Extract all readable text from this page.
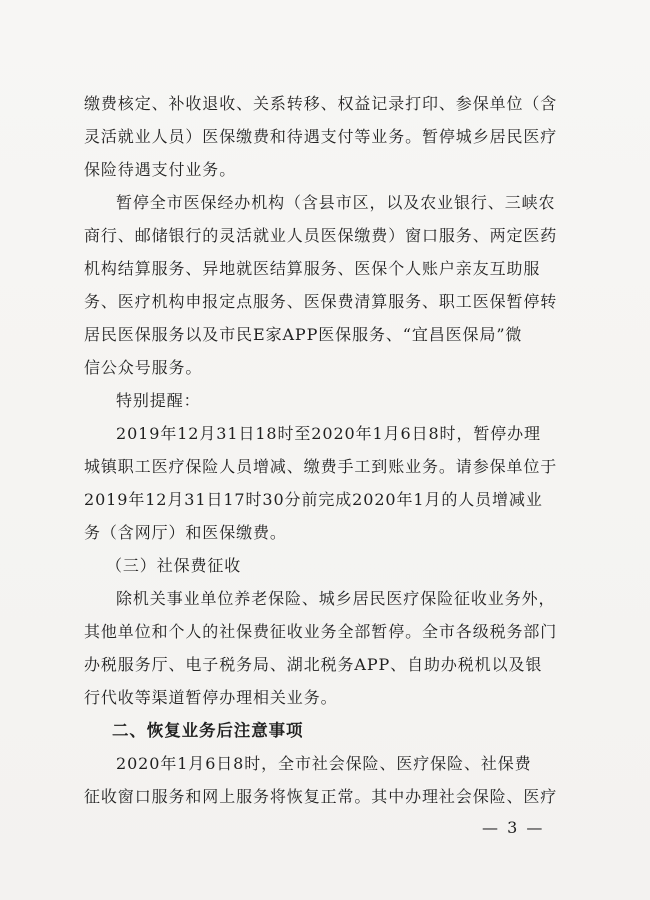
缴费核定、补收退收、关系转移、权益记录打印、参保单位（含
灵活就业人员）医保缴费和待遇支付等业务。暂停城乡居民医疗
保险待遇支付业务。
暂停全市医保经办机构（含县市区，以及农业银行、三峡农
商行、邮储银行的灵活就业人员医保缴费）窗口服务、两定医药
机构结算服务、异地就医结算服务、医保个人账户亲友互助服
务、医疗机构申报定点服务、医保费清算服务、职工医保暂停转
居民医保服务以及市民E家APP医保服务、“宜昌医保局”微
信公众号服务。
特别提醒：
2019年12月31日18时至2020年1月6日8时，暂停办理
城镇职工医疗保险人员增减、缴费手工到账业务。请参保单位于
2019年12月31日17时30分前完成2020年1月的人员增减业
务（含网厅）和医保缴费。
（三）社保费征收
除机关事业单位养老保险、城乡居民医疗保险征收业务外，
其他单位和个人的社保费征收业务全部暂停。全市各级税务部门
办税服务厅、电子税务局、湖北税务APP、自助办税机以及银
行代收等渠道暂停办理相关业务。
二、恢复业务后注意事项
2020年1月6日8时，全市社会保险、医疗保险、社保费
征收窗口服务和网上服务将恢复正常。其中办理社会保险、医疗
— 3 —
